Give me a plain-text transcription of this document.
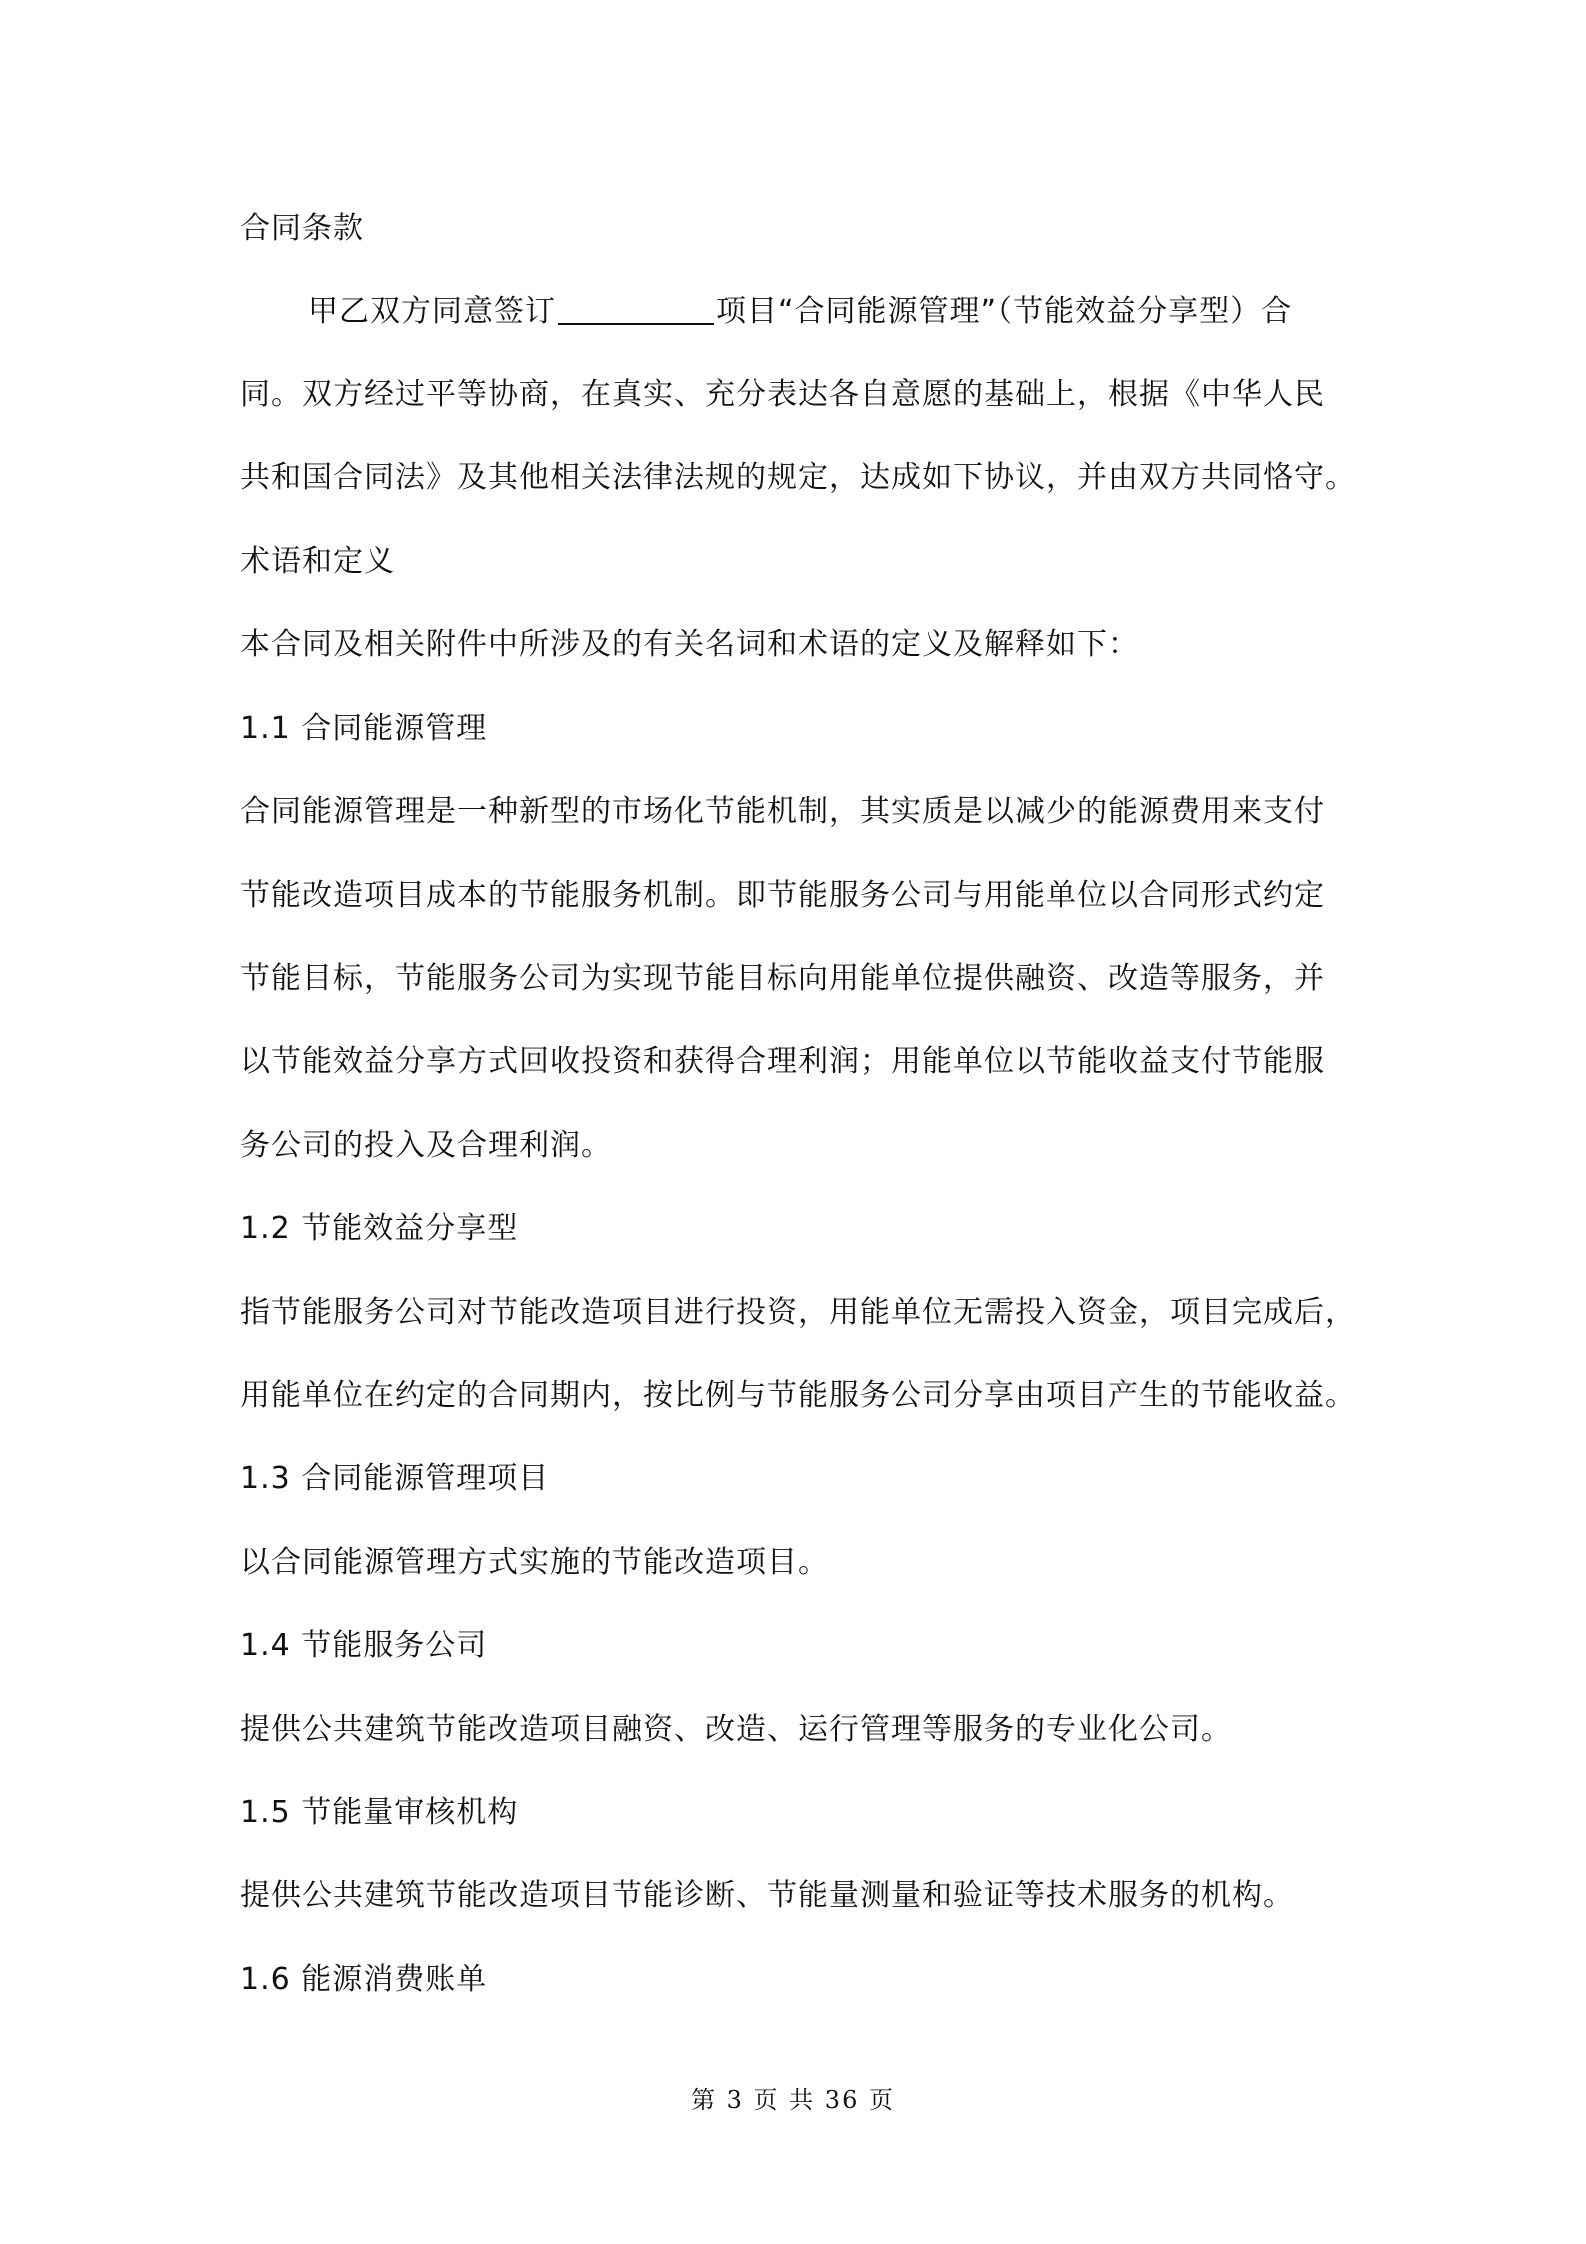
合同条款
甲乙双方同意签订	项目“合同能源管理”（节能效益分享型）合
同。双方经过平等协商，在真实、充分表达各自意愿的基础上，根据《中华人民
共和国合同法》及其他相关法律法规的规定，达成如下协议，并由双方共同恪守。
术语和定义
本合同及相关附件中所涉及的有关名词和术语的定义及解释如下：
1.1 合同能源管理
合同能源管理是一种新型的市场化节能机制，其实质是以减少的能源费用来支付
节能改造项目成本的节能服务机制。即节能服务公司与用能单位以合同形式约定
节能目标，节能服务公司为实现节能目标向用能单位提供融资、改造等服务，并
以节能效益分享方式回收投资和获得合理利润；用能单位以节能收益支付节能服
务公司的投入及合理利润。
1.2 节能效益分享型
指节能服务公司对节能改造项目进行投资，用能单位无需投入资金，项目完成后，
用能单位在约定的合同期内，按比例与节能服务公司分享由项目产生的节能收益。
1.3 合同能源管理项目
以合同能源管理方式实施的节能改造项目。
1.4 节能服务公司
提供公共建筑节能改造项目融资、改造、运行管理等服务的专业化公司。
1.5 节能量审核机构
提供公共建筑节能改造项目节能诊断、节能量测量和验证等技术服务的机构。
1.6 能源消费账单
第 3 页 共 36 页
